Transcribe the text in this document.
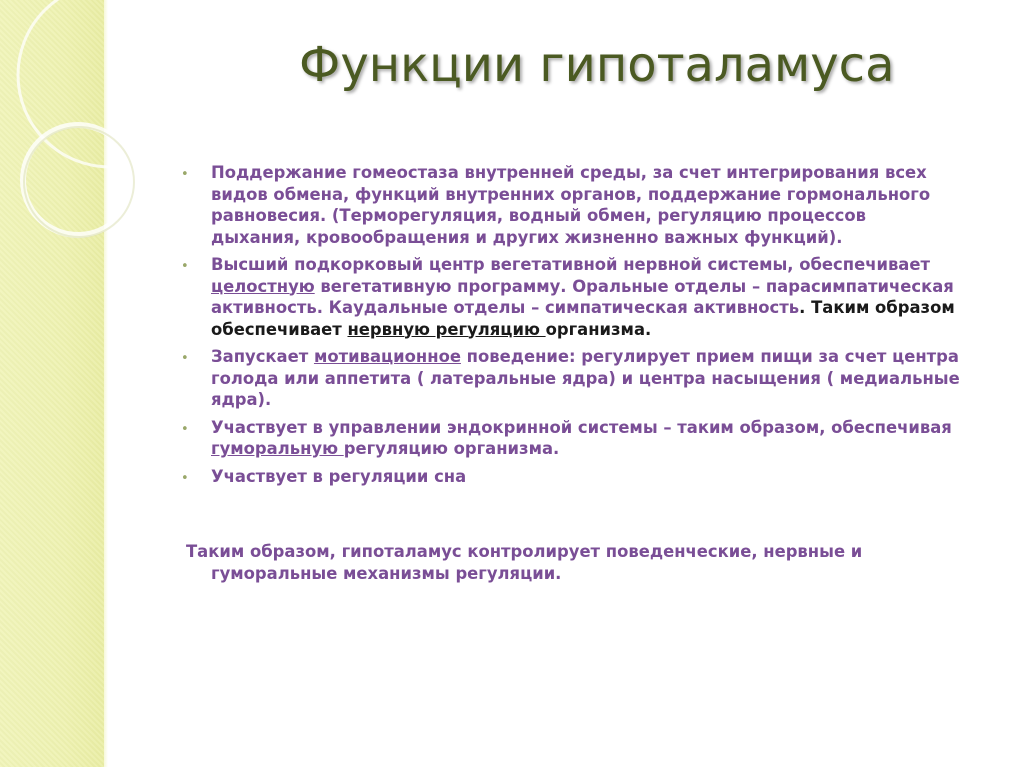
Функции гипоталамуса
• Поддержание гомеостаза внутренней среды, за счет интегрирования всех
видов обмена, функций внутренних органов, поддержание гормонального
равновесия. (Терморегуляция, водный обмен, регуляцию процессов
дыхания, кровообращения и других жизненно важных функций).
• Высший подкорковый центр вегетативной нервной системы, обеспечивает
целостную вегетативную программу. Оральные отделы – парасимпатическая
активность. Каудальные отделы – симпатическая активность. Таким образом
обеспечивает нервную регуляцию организма.
• Запускает мотивационное поведение: регулирует прием пищи за счет центра
голода или аппетита ( латеральные ядра) и центра насыщения ( медиальные
ядра).
• Участвует в управлении эндокринной системы – таким образом, обеспечивая
гуморальную регуляцию организма.
• Участвует в регуляции сна
Таким образом, гипоталамус контролирует поведенческие, нервные и
гуморальные механизмы регуляции.
